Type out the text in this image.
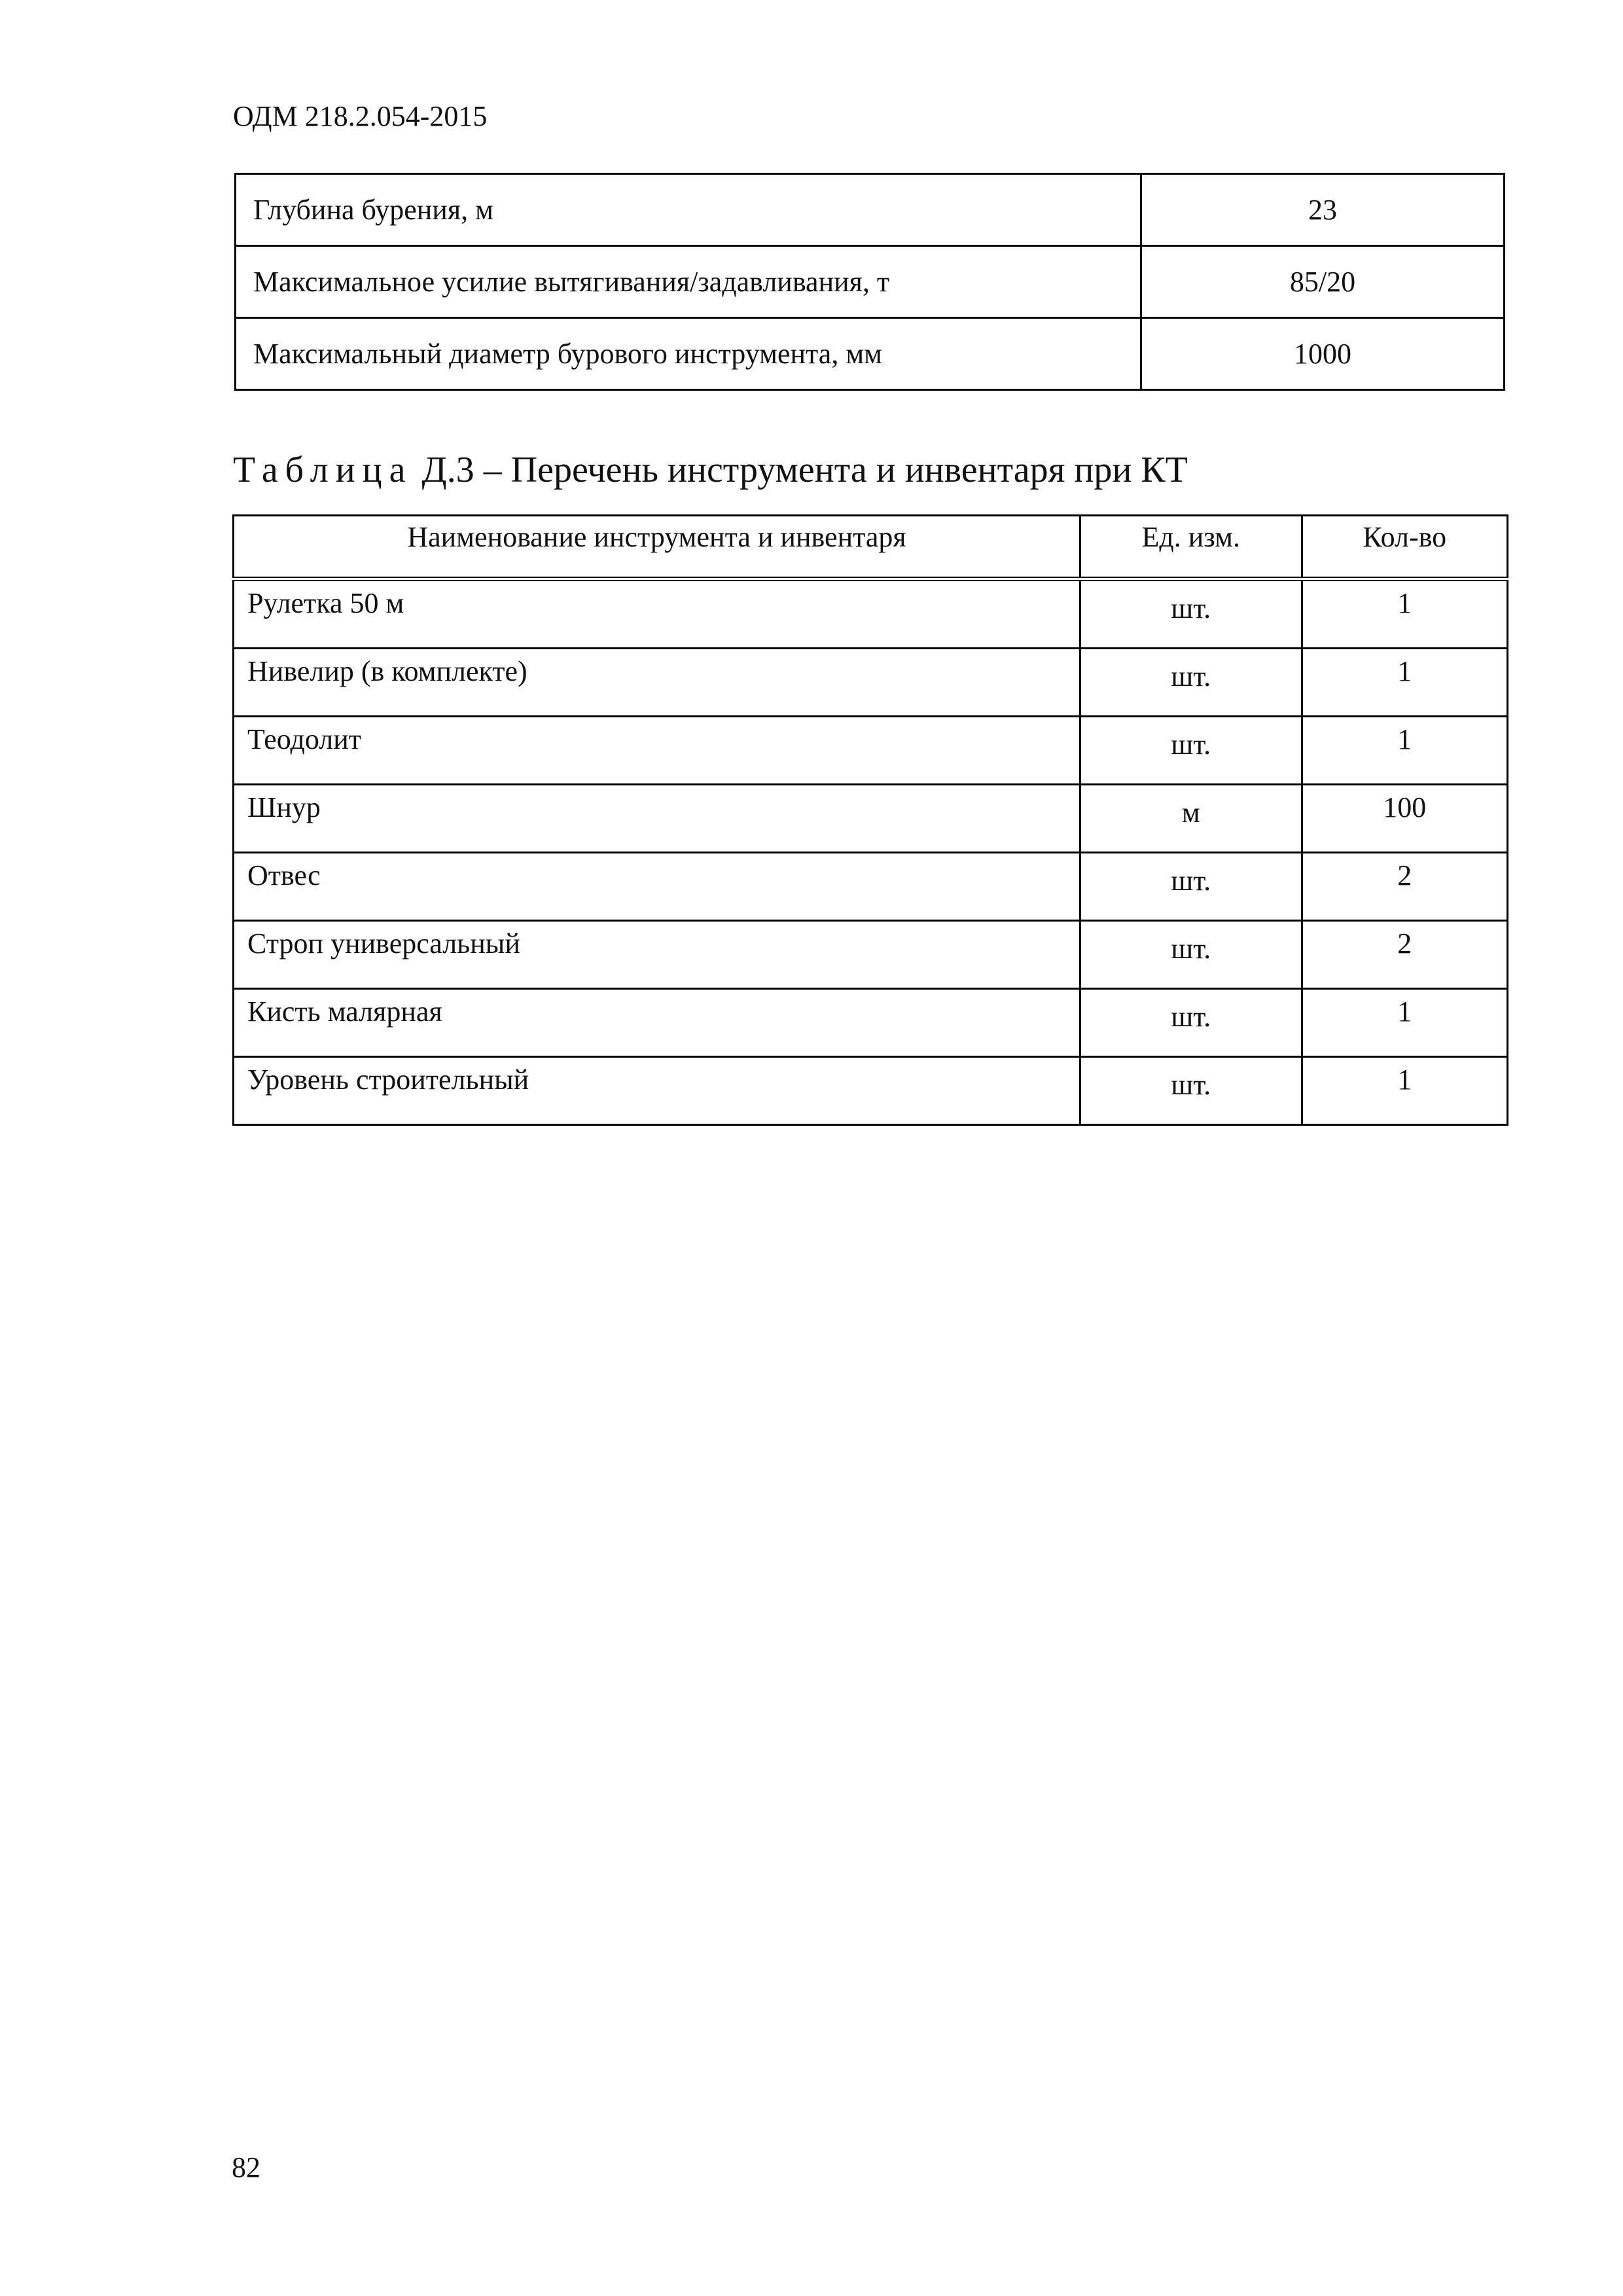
ОДМ 218.2.054-2015
Глубина бурения, м	23
Максимальное усилие вытягивания/задавливания, т	85/20
Максимальный диаметр бурового инструмента, мм	1000
Таблица Д.3 – Перечень инструмента и инвентаря при КТ
Наименование инструмента и инвентаря	Ед. изм.	Кол-во
Рулетка 50 м	шт.	1
Нивелир (в комплекте)	шт.	1
Теодолит	шт.	1
Шнур	м	100
Отвес	шт.	2
Строп универсальный	шт.	2
Кисть малярная	шт.	1
Уровень строительный	шт.	1
82
